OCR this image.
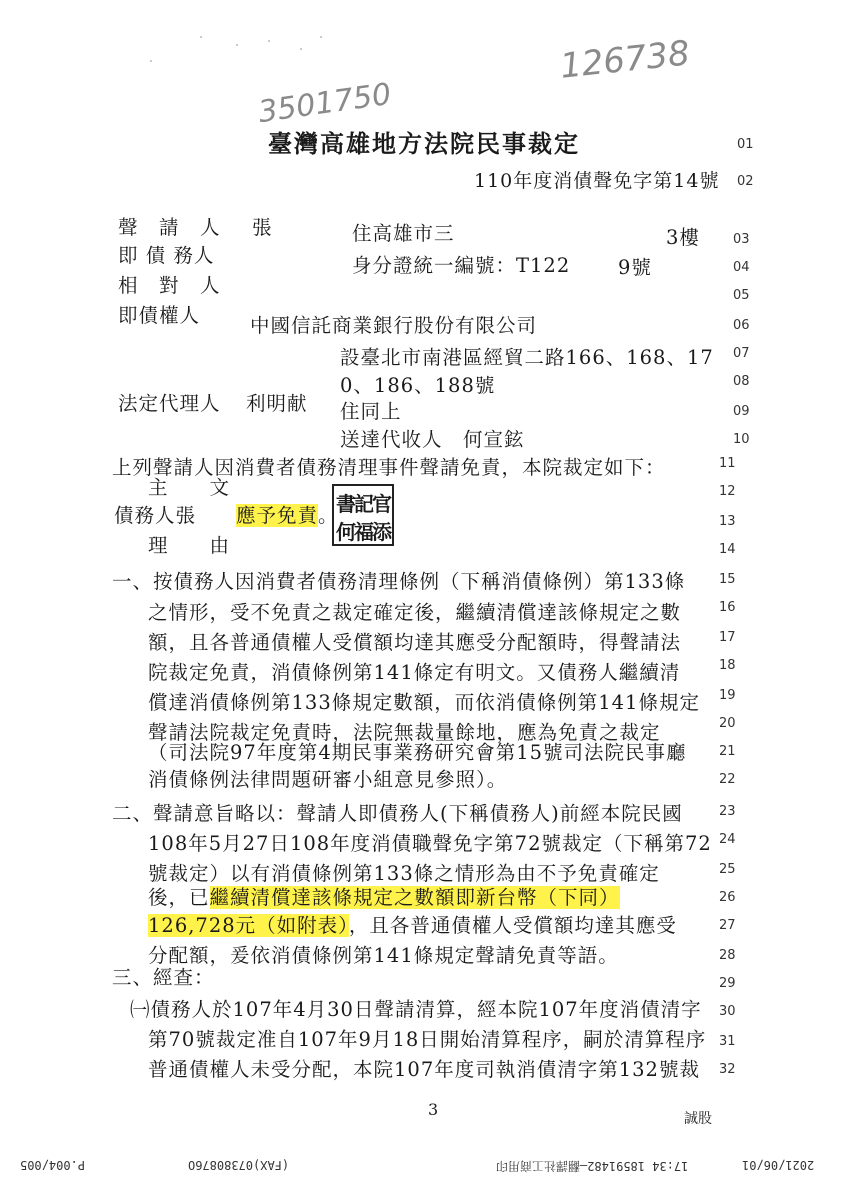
126738
3501750
臺灣高雄地方法院民事裁定
110年度消債聲免字第14號
聲　請　人 張	住高雄市三	3樓
即 債 務人	身分證統一編號：T122 9號
相　對　人
即債權人	中國信託商業銀行股份有限公司
設臺北市南港區經貿二路166、168、17
0、186、188號
法定代理人 利明献 住同上
送達代收人　何宣鉉
上列聲請人因消費者債務清理事件聲請免責，本院裁定如下：
主　　文
債務人張 應予免責。
書
記
官
何
福
添
理　　由
一、按債務人因消費者債務清理條例（下稱消債條例）第133條
之情形，受不免責之裁定確定後，繼續清償達該條規定之數
額，且各普通債權人受償額均達其應受分配額時，得聲請法
院裁定免責，消債條例第141條定有明文。又債務人繼續清
償達消債條例第133條規定數額，而依消債條例第141條規定
聲請法院裁定免責時，法院無裁量餘地，應為免責之裁定
（司法院97年度第4期民事業務研究會第15號司法院民事廳
消債條例法律問題研審小組意見參照）。
二、聲請意旨略以：聲請人即債務人(下稱債務人)前經本院民國
108年5月27日108年度消債職聲免字第72號裁定（下稱第72
號裁定）以有消債條例第133條之情形為由不予免責確定
後，已繼續清償達該條規定之數額即新台幣（下同）
126,728元（如附表），且各普通債權人受償額均達其應受
分配額，爰依消債條例第141條規定聲請免責等語。
三、經查：
㈠債務人於107年4月30日聲請清算，經本院107年度消債清字
第70號裁定准自107年9月18日開始清算程序，嗣於清算程序
普通債權人未受分配，本院107年度司執消債清字第132號裁
01
02
03
04
05
06
07
08
09
10
11
12
13
14
15
16
17
18
19
20
21
22
23
24
25
26
27
28
29
30
31
32
3	誠股
P.004/005	(FAX)07380876O	17:34 18591482—翻譯社工商用印	2021/06/01
